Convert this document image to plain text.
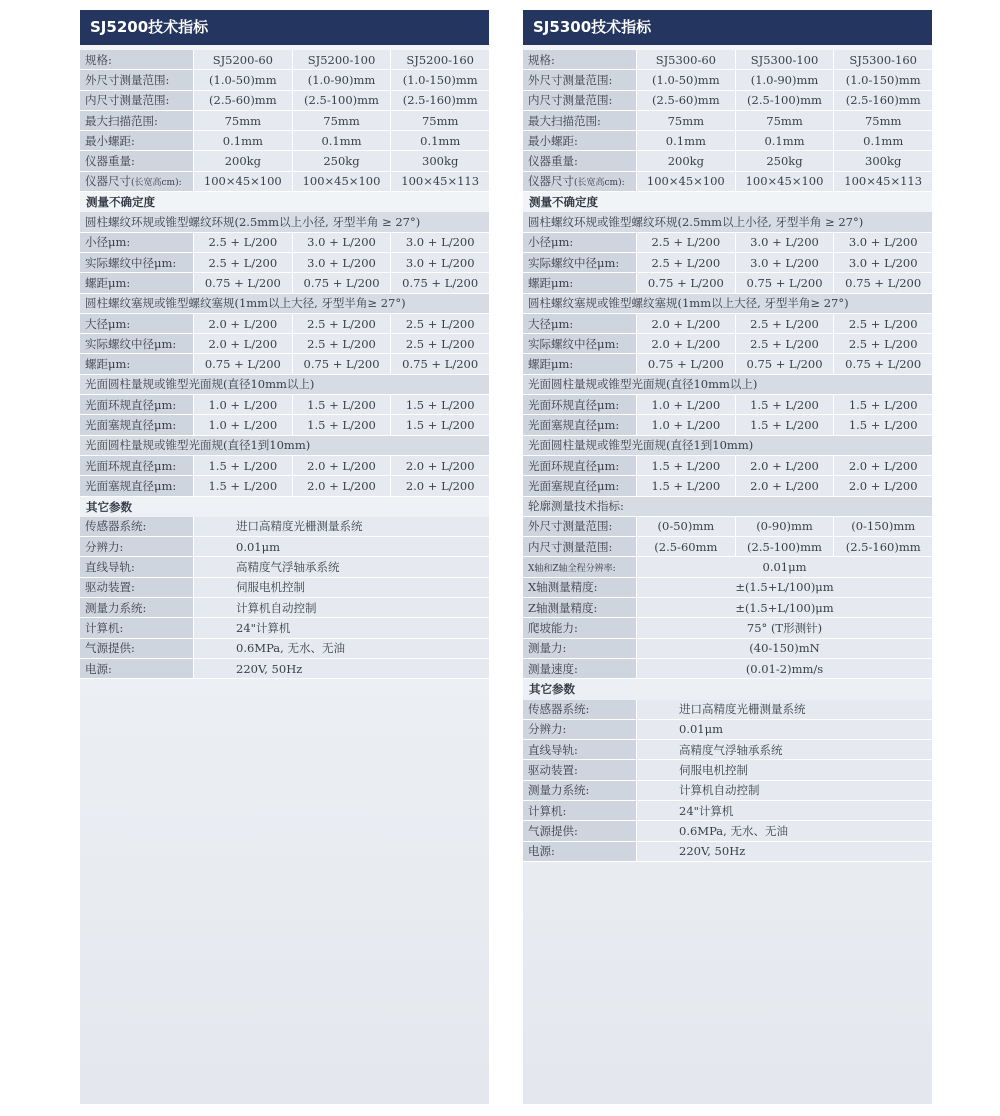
SJ5200技术指标
规格:	SJ5200-60	SJ5200-100	SJ5200-160
外尺寸测量范围:	(1.0-50)mm	(1.0-90)mm	(1.0-150)mm
内尺寸测量范围:	(2.5-60)mm	(2.5-100)mm	(2.5-160)mm
最大扫描范围:	75mm	75mm	75mm
最小螺距:	0.1mm	0.1mm	0.1mm
仪器重量:	200kg	250kg	300kg
仪器尺寸 (长宽高cm):	100×45×100	100×45×100	100×45×113
测量不确定度
圆柱螺纹环规或锥型螺纹环规(2.5mm以上小径, 牙型半角 ≥ 27°)
小径μm:	2.5 + L/200	3.0 + L/200	3.0 + L/200
实际螺纹中径μm:	2.5 + L/200	3.0 + L/200	3.0 + L/200
螺距μm:	0.75 + L/200	0.75 + L/200	0.75 + L/200
圆柱螺纹塞规或锥型螺纹塞规(1mm以上大径, 牙型半角≥ 27°)
大径μm:	2.0 + L/200	2.5 + L/200	2.5 + L/200
实际螺纹中径μm:	2.0 + L/200	2.5 + L/200	2.5 + L/200
螺距μm:	0.75 + L/200	0.75 + L/200	0.75 + L/200
光面圆柱量规或锥型光面规(直径10mm以上)
光面环规直径μm:	1.0 + L/200	1.5 + L/200	1.5 + L/200
光面塞规直径μm:	1.0 + L/200	1.5 + L/200	1.5 + L/200
光面圆柱量规或锥型光面规(直径1到10mm)
光面环规直径μm:	1.5 + L/200	2.0 + L/200	2.0 + L/200
光面塞规直径μm:	1.5 + L/200	2.0 + L/200	2.0 + L/200
其它参数
传感器系统:	进口高精度光栅测量系统
分辨力:	0.01μm
直线导轨:	高精度气浮轴承系统
驱动装置:	伺服电机控制
测量力系统:	计算机自动控制
计算机:	24"计算机
气源提供:	0.6MPa, 无水、无油
电源:	220V, 50Hz
SJ5300技术指标
规格:	SJ5300-60	SJ5300-100	SJ5300-160
外尺寸测量范围:	(1.0-50)mm	(1.0-90)mm	(1.0-150)mm
内尺寸测量范围:	(2.5-60)mm	(2.5-100)mm	(2.5-160)mm
最大扫描范围:	75mm	75mm	75mm
最小螺距:	0.1mm	0.1mm	0.1mm
仪器重量:	200kg	250kg	300kg
仪器尺寸 (长宽高cm):	100×45×100	100×45×100	100×45×113
测量不确定度
圆柱螺纹环规或锥型螺纹环规(2.5mm以上小径, 牙型半角 ≥ 27°)
小径μm:	2.5 + L/200	3.0 + L/200	3.0 + L/200
实际螺纹中径μm:	2.5 + L/200	3.0 + L/200	3.0 + L/200
螺距μm:	0.75 + L/200	0.75 + L/200	0.75 + L/200
圆柱螺纹塞规或锥型螺纹塞规(1mm以上大径, 牙型半角≥ 27°)
大径μm:	2.0 + L/200	2.5 + L/200	2.5 + L/200
实际螺纹中径μm:	2.0 + L/200	2.5 + L/200	2.5 + L/200
螺距μm:	0.75 + L/200	0.75 + L/200	0.75 + L/200
光面圆柱量规或锥型光面规(直径10mm以上)
光面环规直径μm:	1.0 + L/200	1.5 + L/200	1.5 + L/200
光面塞规直径μm:	1.0 + L/200	1.5 + L/200	1.5 + L/200
光面圆柱量规或锥型光面规(直径1到10mm)
光面环规直径μm:	1.5 + L/200	2.0 + L/200	2.0 + L/200
光面塞规直径μm:	1.5 + L/200	2.0 + L/200	2.0 + L/200
轮廓测量技术指标:
外尺寸测量范围:	(0-50)mm	(0-90)mm	(0-150)mm
内尺寸测量范围:	(2.5-60mm	(2.5-100)mm	(2.5-160)mm
X轴和Z轴全程分辨率:	0.01μm
X轴测量精度:	±(1.5+L/100)μm
Z轴测量精度:	±(1.5+L/100)μm
爬坡能力:	75° (T形测针)
测量力:	(40-150)mN
测量速度:	(0.01-2)mm/s
其它参数
传感器系统:	进口高精度光栅测量系统
分辨力:	0.01μm
直线导轨:	高精度气浮轴承系统
驱动装置:	伺服电机控制
测量力系统:	计算机自动控制
计算机:	24"计算机
气源提供:	0.6MPa, 无水、无油
电源:	220V, 50Hz
